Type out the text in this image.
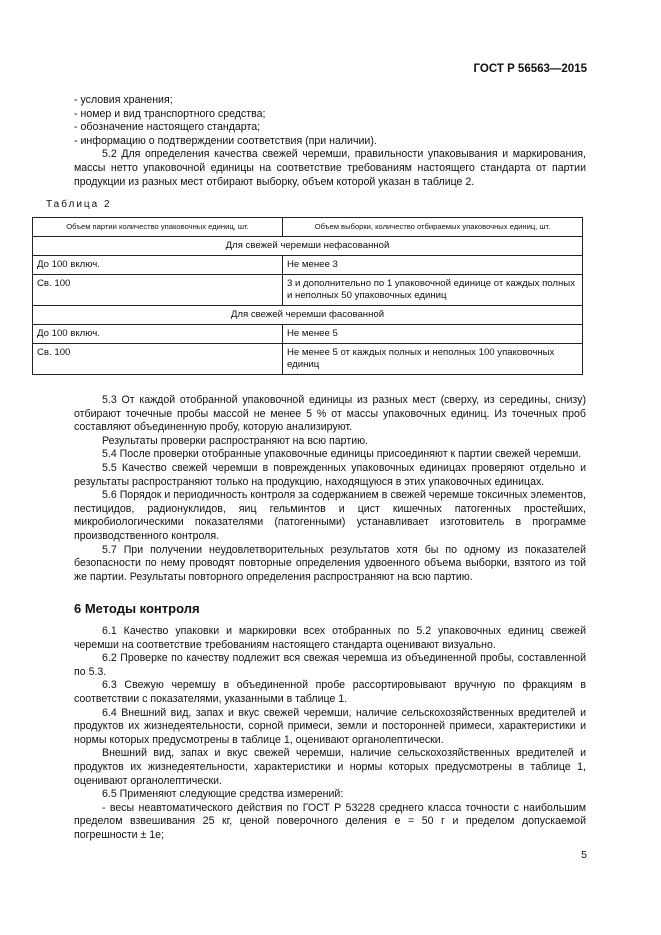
ГОСТ Р 56563—2015

- условия хранения;

- номер и вид транспортного средства;

- обозначение настоящего стандарта;

- информацию о подтверждении соответствия (при наличии).

5.2 Для определения качества свежей черемши, правильности упаковывания и маркирования, массы нетто упаковочной единицы на соответствие требованиям настоящего стандарта от партии продукции из разных мест отбирают выборку, объем которой указан в таблице 2.

Таблица 2
Объем партии количество упаковочных единиц, шт.	Объем выборки, количество отбираемых упаковочных единиц, шт.
Для свежей черемши нефасованной	
До 100 включ.	Не менее 3
Св. 100	3 и дополнительно по 1 упаковочной единице от каждых полных и неполных 50 упаковочных единиц
Для свежей черемши фасованной	
До 100 включ.	Не менее 5
Св. 100	Не менее 5 от каждых полных и неполных 100 упаковочных единиц

5.3 От каждой отобранной упаковочной единицы из разных мест (сверху, из середины, снизу) отбирают точечные пробы массой не менее 5 % от массы упаковочных единиц. Из точечных проб составляют объединенную пробу, которую анализируют.

Результаты проверки распространяют на всю партию.

5.4 После проверки отобранные упаковочные единицы присоединяют к партии свежей черемши.

5.5 Качество свежей черемши в поврежденных упаковочных единицах проверяют отдельно и результаты распространяют только на продукцию, находящуюся в этих упаковочных единицах.

5.6 Порядок и периодичность контроля за содержанием в свежей черемше токсичных элементов, пестицидов, радионуклидов, яиц гельминтов и цист кишечных патогенных простейших, микробиологическими показателями (патогенными) устанавливает изготовитель в программе производственного контроля.

5.7 При получении неудовлетворительных результатов хотя бы по одному из показателей безопасности по нему проводят повторные определения удвоенного объема выборки, взятого из той же партии. Результаты повторного определения распространяют на всю партию.

6 Методы контроля

6.1 Качество упаковки и маркировки всех отобранных по 5.2 упаковочных единиц свежей черемши на соответствие требованиям настоящего стандарта оценивают визуально.

6.2 Проверке по качеству подлежит вся свежая черемша из объединенной пробы, составленной по 5.3.

6.3 Свежую черемшу в объединенной пробе рассортировывают вручную по фракциям в соответствии с показателями, указанными в таблице 1.

6.4 Внешний вид, запах и вкус свежей черемши, наличие сельскохозяйственных вредителей и продуктов их жизнедеятельности, сорной примеси, земли и посторонней примеси, характеристики и нормы которых предусмотрены в таблице 1, оценивают органолептически.

Внешний вид, запах и вкус свежей черемши, наличие сельскохозяйственных вредителей и продуктов их жизнедеятельности, характеристики и нормы которых предусмотрены в таблице 1, оценивают органолептически.

6.5 Применяют следующие средства измерений:

- весы неавтоматического действия по ГОСТ Р 53228 среднего класса точности с наибольшим пределом взвешивания 25 кг, ценой поверочного деления e = 50 г и пределом допускаемой погрешности ± 1e;

5
